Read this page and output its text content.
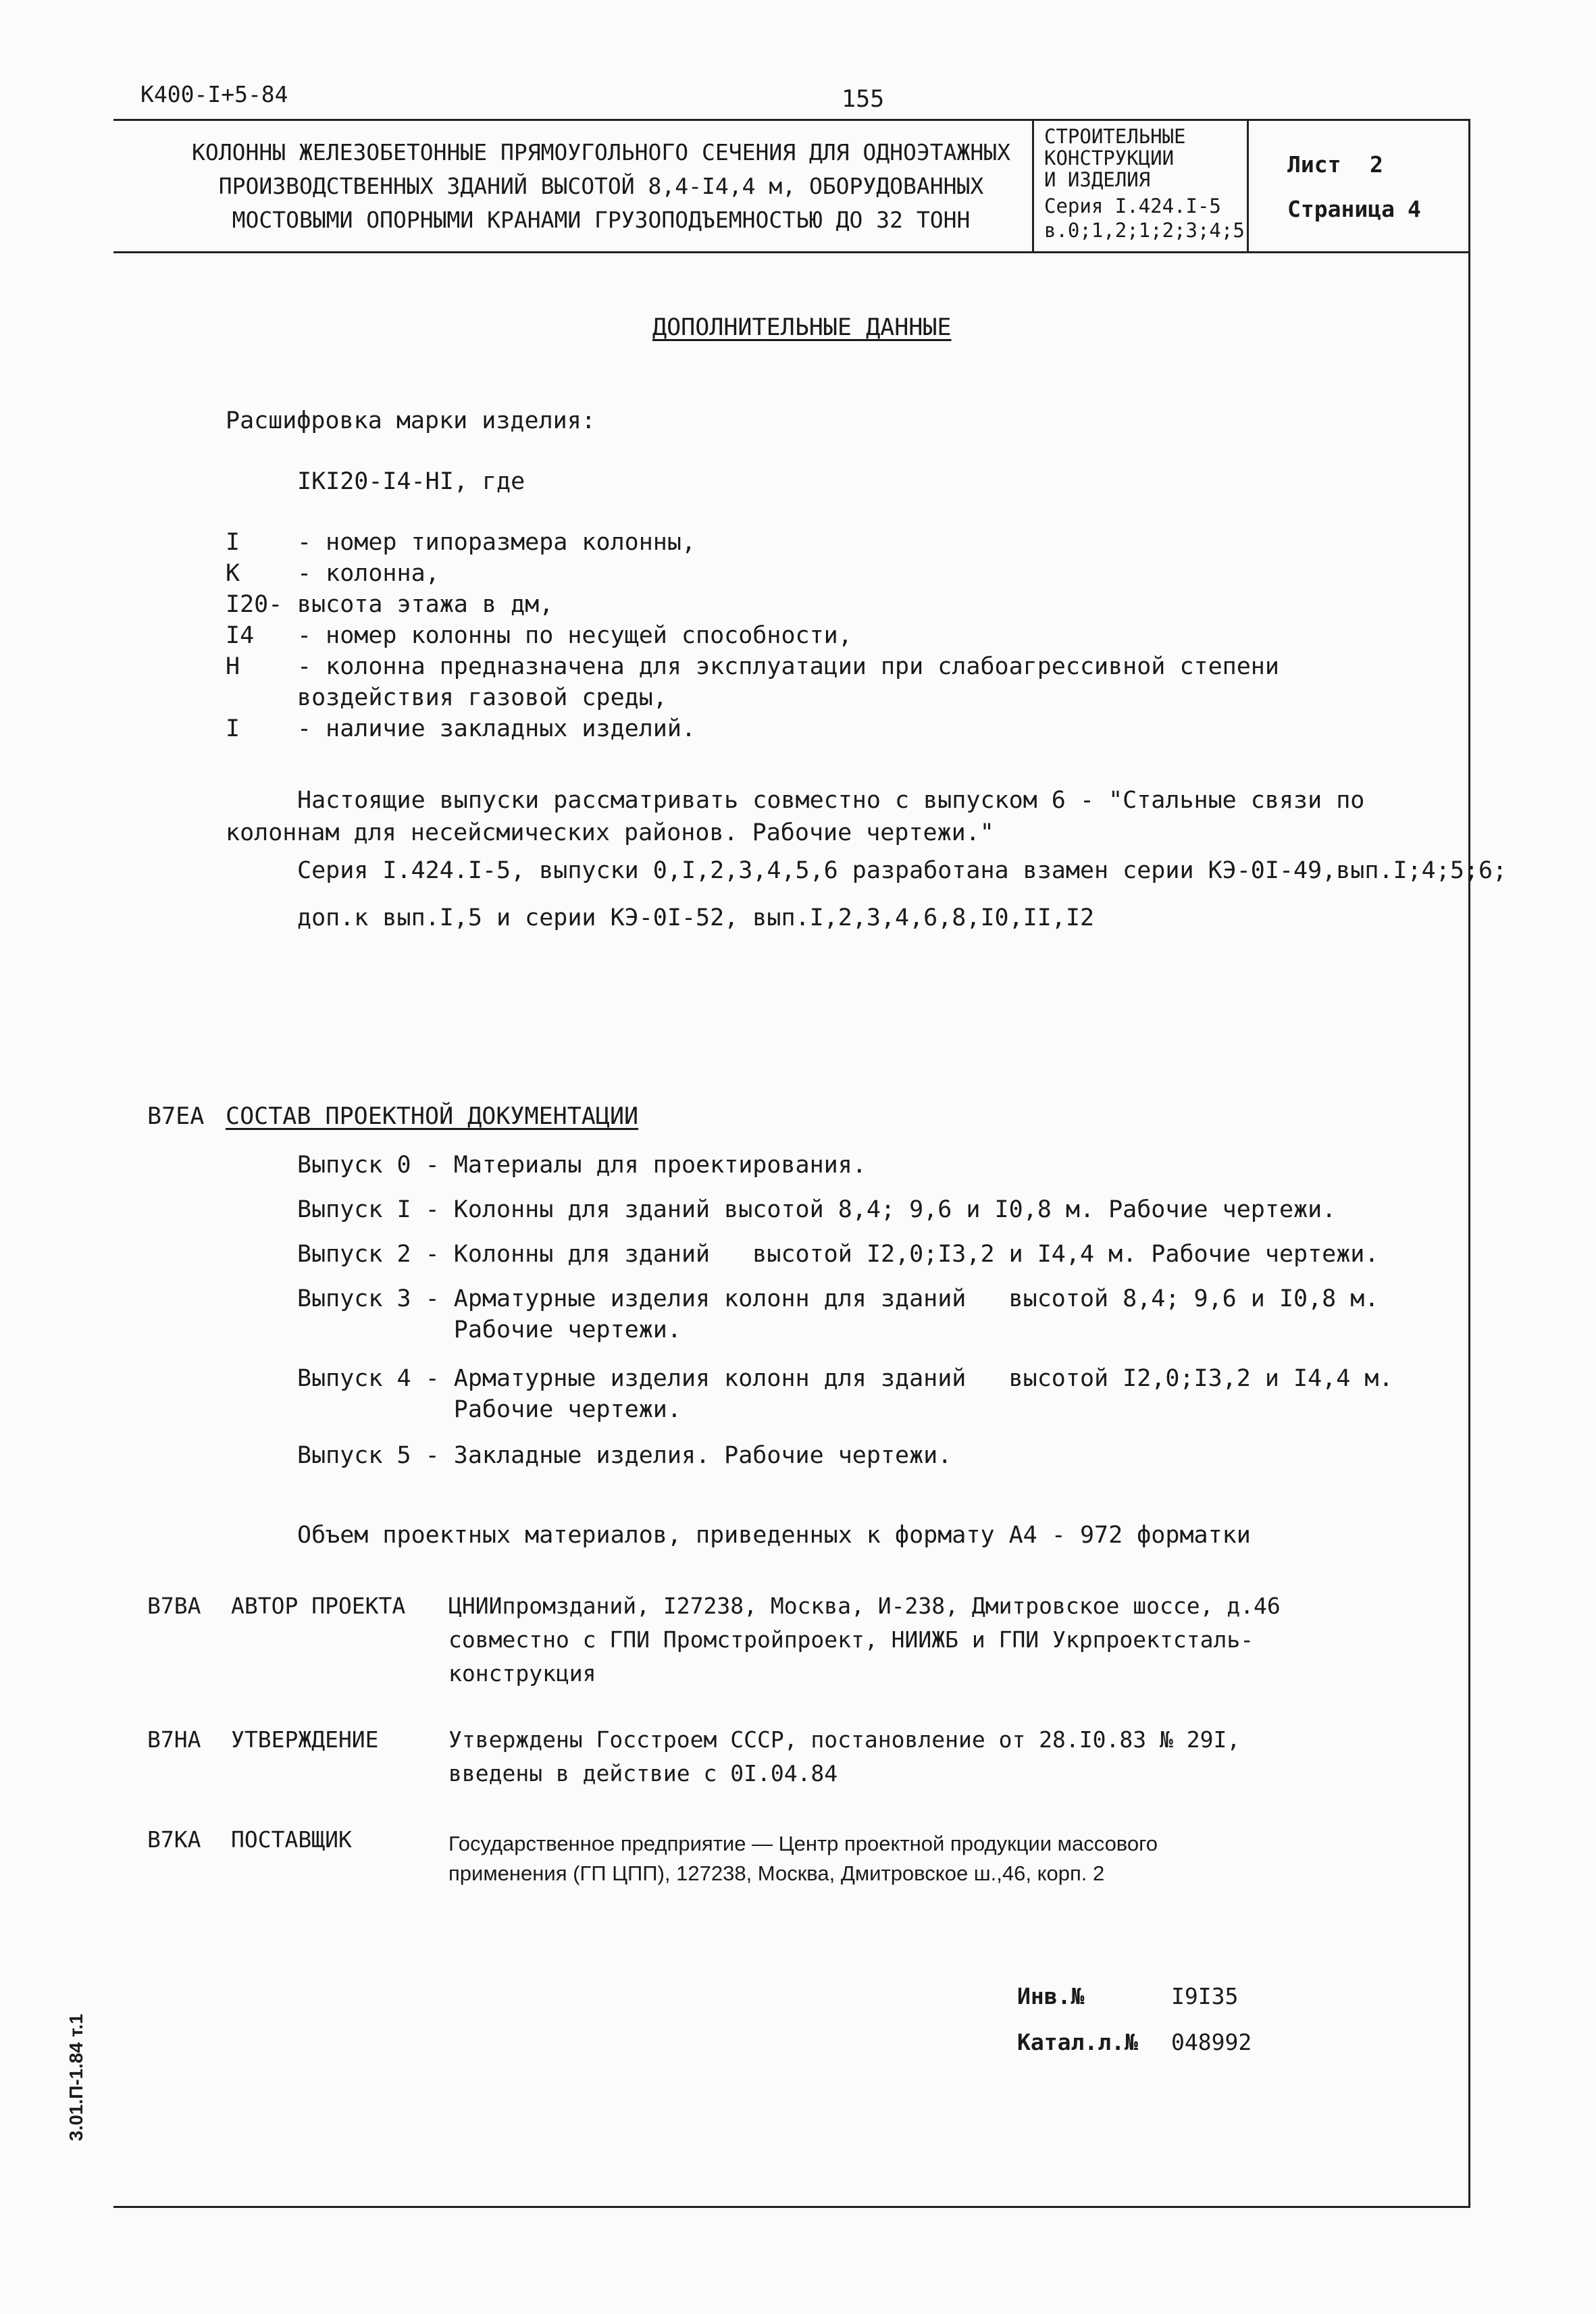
К400-I+5-84	155
КОЛОННЫ ЖЕЛЕЗОБЕТОННЫЕ ПРЯМОУГОЛЬНОГО СЕЧЕНИЯ ДЛЯ ОДНОЭТАЖНЫХ
ПРОИЗВОДСТВЕННЫХ ЗДАНИЙ ВЫСОТОЙ 8,4-I4,4 м, ОБОРУДОВАННЫХ
МОСТОВЫМИ ОПОРНЫМИ КРАНАМИ ГРУЗОПОДЪЕМНОСТЬЮ ДО 32 ТОНН
СТРОИТЕЛЬНЫЕ
КОНСТРУКЦИИ
И ИЗДЕЛИЯ
Серия I.424.I-5
в.0;1,2;1;2;3;4;5
Лист 2
Страница 4
ДОПОЛНИТЕЛЬНЫЕ ДАННЫЕ
Расшифровка марки изделия:
IКI20-I4-НI, где
I - номер типоразмера колонны,
К - колонна,
I20- высота этажа в дм,
I4 - номер колонны по несущей способности,
Н - колонна предназначена для эксплуатации при слабоагрессивной степени
воздействия газовой среды,
I - наличие закладных изделий.
Настоящие выпуски рассматривать совместно с выпуском 6 - "Стальные связи по
колоннам для несейсмических районов. Рабочие чертежи."
Серия I.424.I-5, выпуски 0,I,2,3,4,5,6 разработана взамен серии КЭ-0I-49,вып.I;4;5;6;
доп.к вып.I,5 и серии КЭ-0I-52, вып.I,2,3,4,6,8,I0,II,I2
В7ЕА СОСТАВ ПРОЕКТНОЙ ДОКУМЕНТАЦИИ
Выпуск 0 - Материалы для проектирования.
Выпуск I - Колонны для зданий высотой 8,4; 9,6 и I0,8 м. Рабочие чертежи.
Выпуск 2 - Колонны для зданий   высотой I2,0;I3,2 и I4,4 м. Рабочие чертежи.
Выпуск 3 - Арматурные изделия колонн для зданий   высотой 8,4; 9,6 и I0,8 м.
Рабочие чертежи.
Выпуск 4 - Арматурные изделия колонн для зданий   высотой I2,0;I3,2 и I4,4 м.
Рабочие чертежи.
Выпуск 5 - Закладные изделия. Рабочие чертежи.
Объем проектных материалов, приведенных к формату А4 - 972 форматки
В7ВА АВТОР ПРОЕКТА ЦНИИпромзданий, I27238, Москва, И-238, Дмитровское шоссе, д.46
совместно с ГПИ Промстройпроект, НИИЖБ и ГПИ Укрпроектсталь-
конструкция
В7НА УТВЕРЖДЕНИЕ	Утверждены Госстроем СССР, постановление от 28.I0.83 № 29I,
введены в действие с 0I.04.84
В7КА ПОСТАВЩИК	Государственное предприятие — Центр проектной продукции массового
применения (ГП ЦПП), 127238, Москва, Дмитровское ш.,46, корп. 2
Инв.№	I9I35
Катал.л.№ 048992
3.01.П-1.84 т.1
